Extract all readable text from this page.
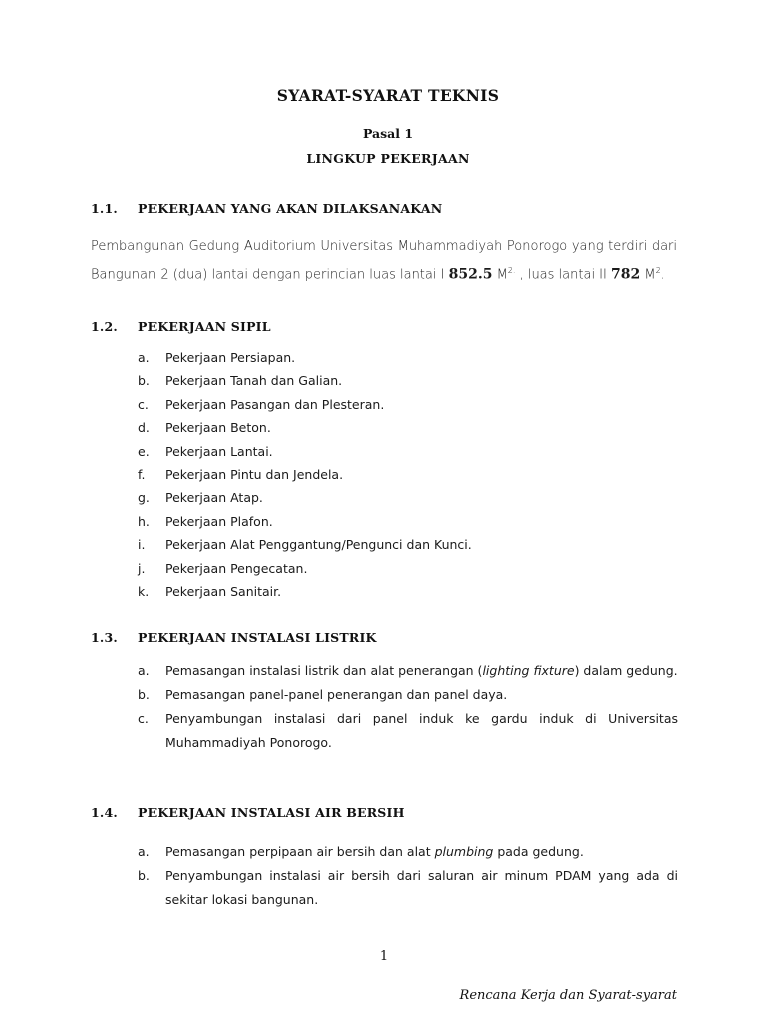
SYARAT-SYARAT TEKNIS
Pasal 1
LINGKUP PEKERJAAN
1.1. PEKERJAAN YANG AKAN DILAKSANAKAN
Pembangunan Gedung Auditorium Universitas Muhammadiyah Ponorogo yang terdiri dari Bangunan 2 (dua) lantai dengan perincian luas lantai I 852.5 $M^{2.}$ , luas lantai II 782 $M^2$.
1.2. PEKERJAAN SIPIL
a. Pekerjaan Persiapan.
b. Pekerjaan Tanah dan Galian.
c. Pekerjaan Pasangan dan Plesteran.
d. Pekerjaan Beton.
e. Pekerjaan Lantai.
f. Pekerjaan Pintu dan Jendela.
g. Pekerjaan Atap.
h. Pekerjaan Plafon.
i. Pekerjaan Alat Penggantung/Pengunci dan Kunci.
j. Pekerjaan Pengecatan.
k. Pekerjaan Sanitair.
1.3. PEKERJAAN INSTALASI LISTRIK
a. Pemasangan instalasi listrik dan alat penerangan (lighting fixture) dalam gedung.
b. Pemasangan panel-panel penerangan dan panel daya.
c. Penyambungan instalasi dari panel induk ke gardu induk di Universitas Muhammadiyah Ponorogo.
1.4. PEKERJAAN INSTALASI AIR BERSIH
a. Pemasangan perpipaan air bersih dan alat plumbing pada gedung.
b. Penyambungan instalasi air bersih dari saluran air minum PDAM yang ada di sekitar lokasi bangunan.
1
Rencana Kerja dan Syarat-syarat
